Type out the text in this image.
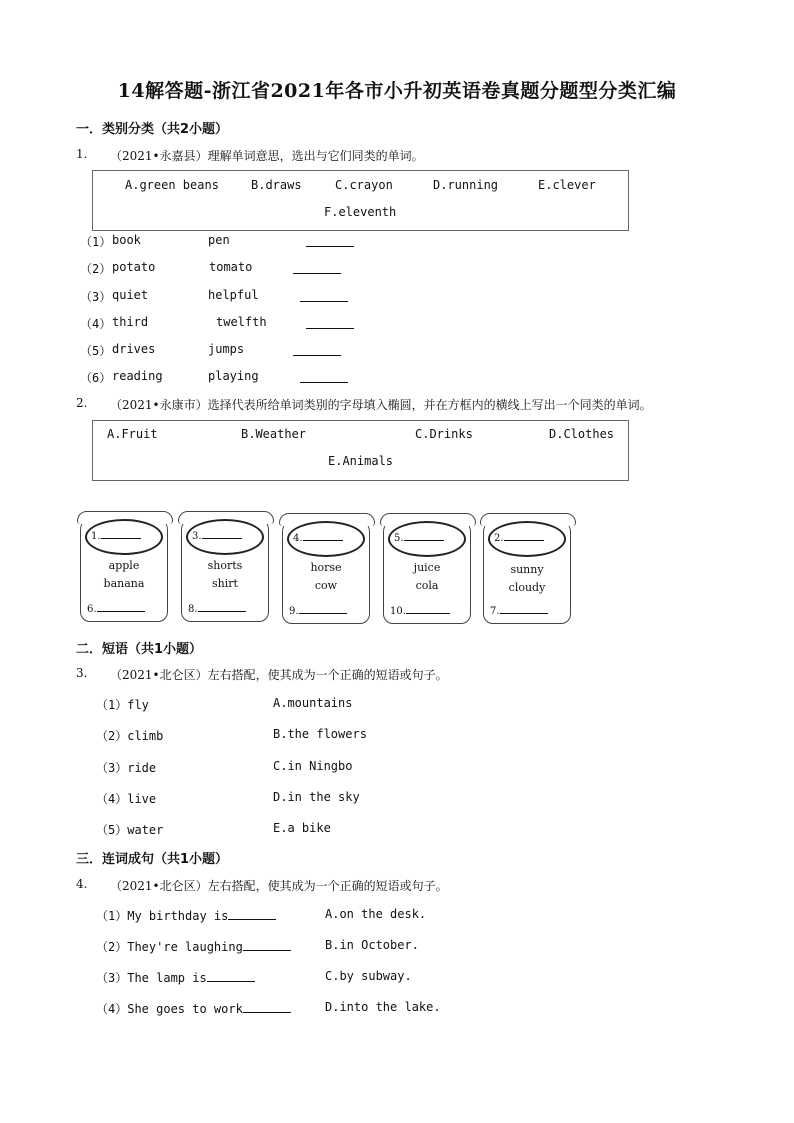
14解答题-浙江省2021年各市小升初英语卷真题分题型分类汇编
一．类别分类（共2小题）
1. （2021•永嘉县）理解单词意思，选出与它们同类的单词。
A.green beans	B.draws	C.crayon	D.running	E.clever
F.eleventh
（1） book	pen
（2） potato	tomato
（3） quiet	helpful
（4） third	twelfth
（5） drives	jumps
（6） reading	playing
2. （2021•永康市）选择代表所给单词类别的字母填入椭圆，并在方框内的横线上写出一个同类的单词。
A.Fruit	B.Weather	C.Drinks	D.Clothes
E.Animals
1.
apple
banana
6.
3.
shorts
shirt
8.
4.
horse
cow
9.
5.
juice
cola
10.
2.
sunny
cloudy
7.
二．短语（共1小题）
3. （2021•北仑区）左右搭配，使其成为一个正确的短语或句子。
（1）fly	A.mountains
（2）climb	B.the flowers
（3）ride	C.in Ningbo
（4）live	D.in the sky
（5）water	E.a bike
三．连词成句（共1小题）
4. （2021•北仑区）左右搭配，使其成为一个正确的短语或句子。
（1）My birthday is	A.on the desk.
（2）They're laughing	B.in October.
（3）The lamp is	C.by subway.
（4）She goes to work	D.into the lake.
